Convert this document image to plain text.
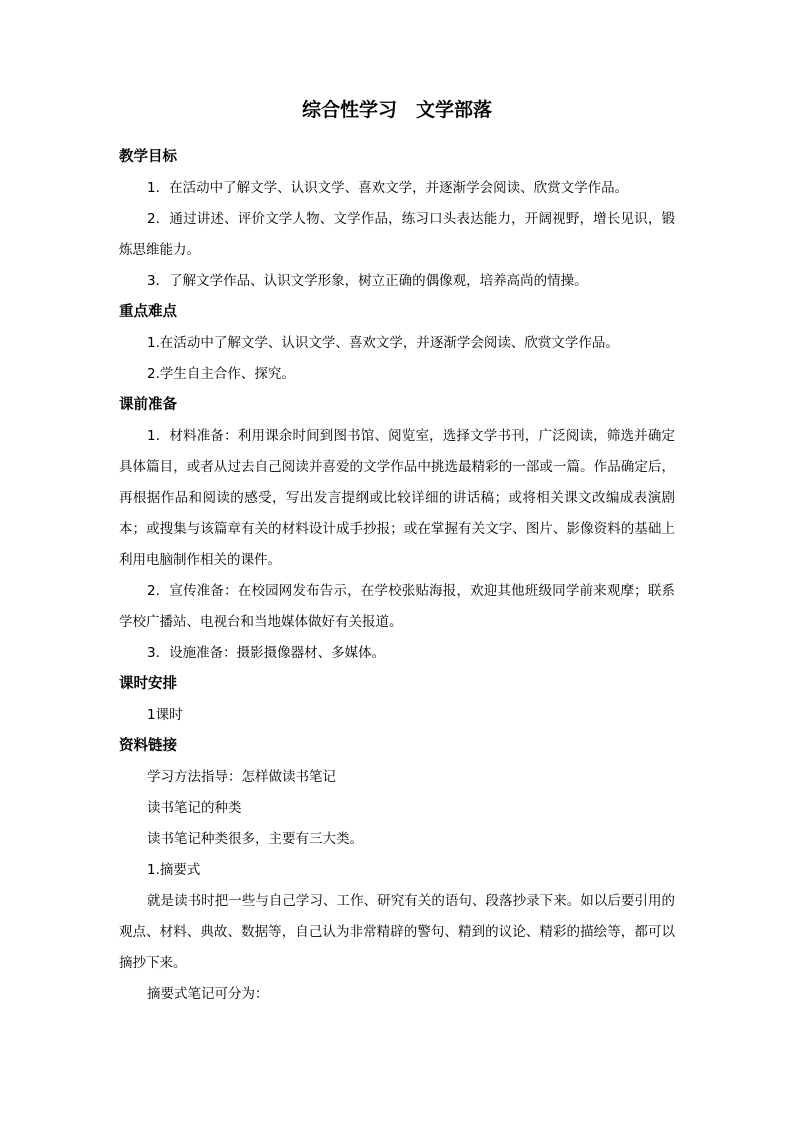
综合性学习　文学部落

教学目标

1．在活动中了解文学、认识文学、喜欢文学，并逐渐学会阅读、欣赏文学作品。

2．通过讲述、评价文学人物、文学作品，练习口头表达能力，开阔视野，增长见识，锻炼思维能力。

3．了解文学作品、认识文学形象，树立正确的偶像观，培养高尚的情操。

重点难点

1.在活动中了解文学、认识文学、喜欢文学，并逐渐学会阅读、欣赏文学作品。

2.学生自主合作、探究。

课前准备

1．材料准备：利用课余时间到图书馆、阅览室，选择文学书刊，广泛阅读，筛选并确定具体篇目，或者从过去自己阅读并喜爱的文学作品中挑选最精彩的一部或一篇。作品确定后，再根据作品和阅读的感受，写出发言提纲或比较详细的讲话稿；或将相关课文改编成表演剧本；或搜集与该篇章有关的材料设计成手抄报；或在掌握有关文字、图片、影像资料的基础上利用电脑制作相关的课件。

2．宣传准备：在校园网发布告示，在学校张贴海报，欢迎其他班级同学前来观摩；联系学校广播站、电视台和当地媒体做好有关报道。

3．设施准备：摄影摄像器材、多媒体。

课时安排

1课时

资料链接

学习方法指导：怎样做读书笔记

读书笔记的种类

读书笔记种类很多，主要有三大类。

1.摘要式

就是读书时把一些与自己学习、工作、研究有关的语句、段落抄录下来。如以后要引用的观点、材料、典故、数据等，自己认为非常精辟的警句、精到的议论、精彩的描绘等，都可以摘抄下来。

摘要式笔记可分为：
